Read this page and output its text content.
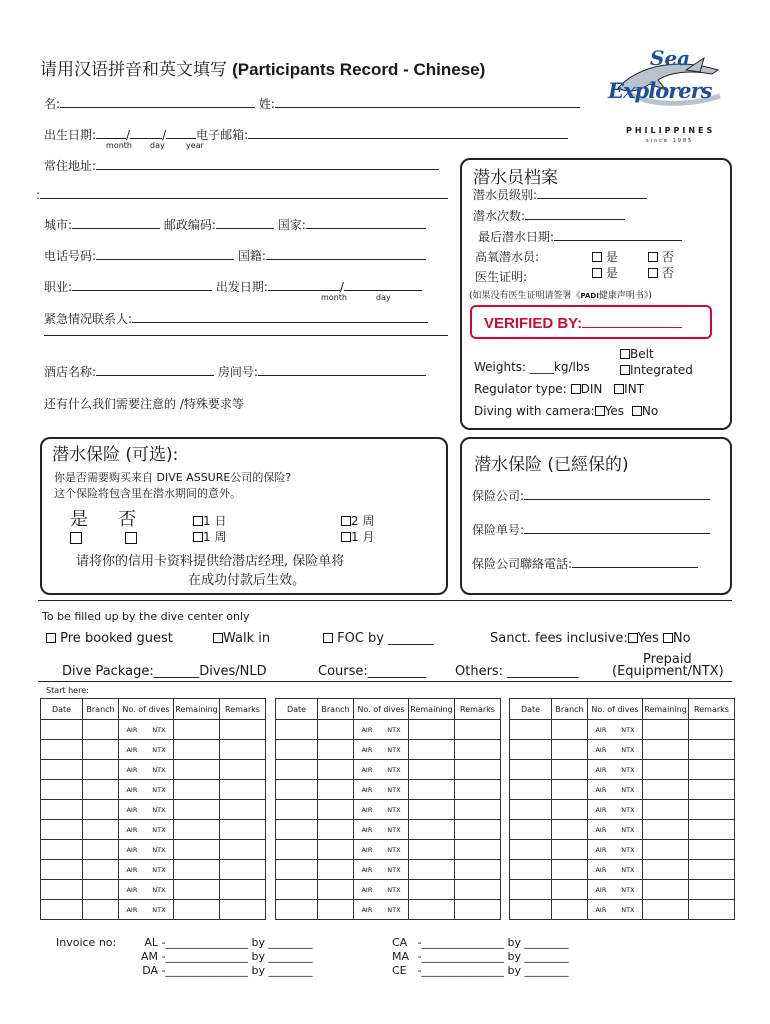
请用汉语拼音和英文填写 (Participants Record - Chinese)	Sea
Explorers
PHILIPPINES
since 1985
名:	姓:
出生日期:	/	/	电子邮箱:
month day	year
常住地址:
:
城市:	邮政编码:	国家:
电话号码:	国籍:
职业:	出发日期:	/
month	day
紧急情况联系人:
酒店名称:	房间号:
还有什么我们需要注意的 /特殊要求等
潜水员档案
潜水员级别:
潜水次数:
最后潜水日期:
高氧潜水员:	是	否
医生证明:	是	否
(如果没有医生证明请签署《PADI健康声明书》)
VERIFIED BY:
Belt
Weights: ____kg/lbs	Integrated
Regulator type: DIN INT
Diving with camera: Yes No
潜水保险 (可选):
你是否需要购买来自 DIVE ASSURE公司的保险?
这个保险将包含里在潜水期间的意外。
是 否	1 日
1 周
2 周
1 月
请将你的信用卡资料提供给潜店经理, 保险单将
在成功付款后生效。
潜水保险 (已經保的)
保险公司:
保险单号:
保险公司聯絡電話:
To be filled up by the dive center only
Pre booked guest	Walk in	FOC by _______	Sanct. fees inclusive: Yes No
Dive Package:_______Dives/NLD	Course:_________ Others: ___________
Prepaid
(Equipment/NTX)
Start here:
Date	Branch	No. of dives	Remaining	Remarks

		AIR NTX		

		AIR NTX		

		AIR NTX		

		AIR NTX		

		AIR NTX		

		AIR NTX		

		AIR NTX		

		AIR NTX		

		AIR NTX		

		AIR NTX		

Date	Branch	No. of dives	Remaining	Remarks

		AIR NTX		

		AIR NTX		

		AIR NTX		

		AIR NTX		

		AIR NTX		

		AIR NTX		

		AIR NTX		

		AIR NTX		

		AIR NTX		

		AIR NTX		

Date	Branch	No. of dives	Remaining	Remarks

		AIR NTX		

		AIR NTX		

		AIR NTX		

		AIR NTX		

		AIR NTX		

		AIR NTX		

		AIR NTX		

		AIR NTX		

		AIR NTX		

		AIR NTX		

Invoice no:	AL -_______________ by ________
AM -_______________ by ________
DA -_______________ by ________
CA -_______________ by ________
MA -_______________ by ________
CE -_______________ by ________
